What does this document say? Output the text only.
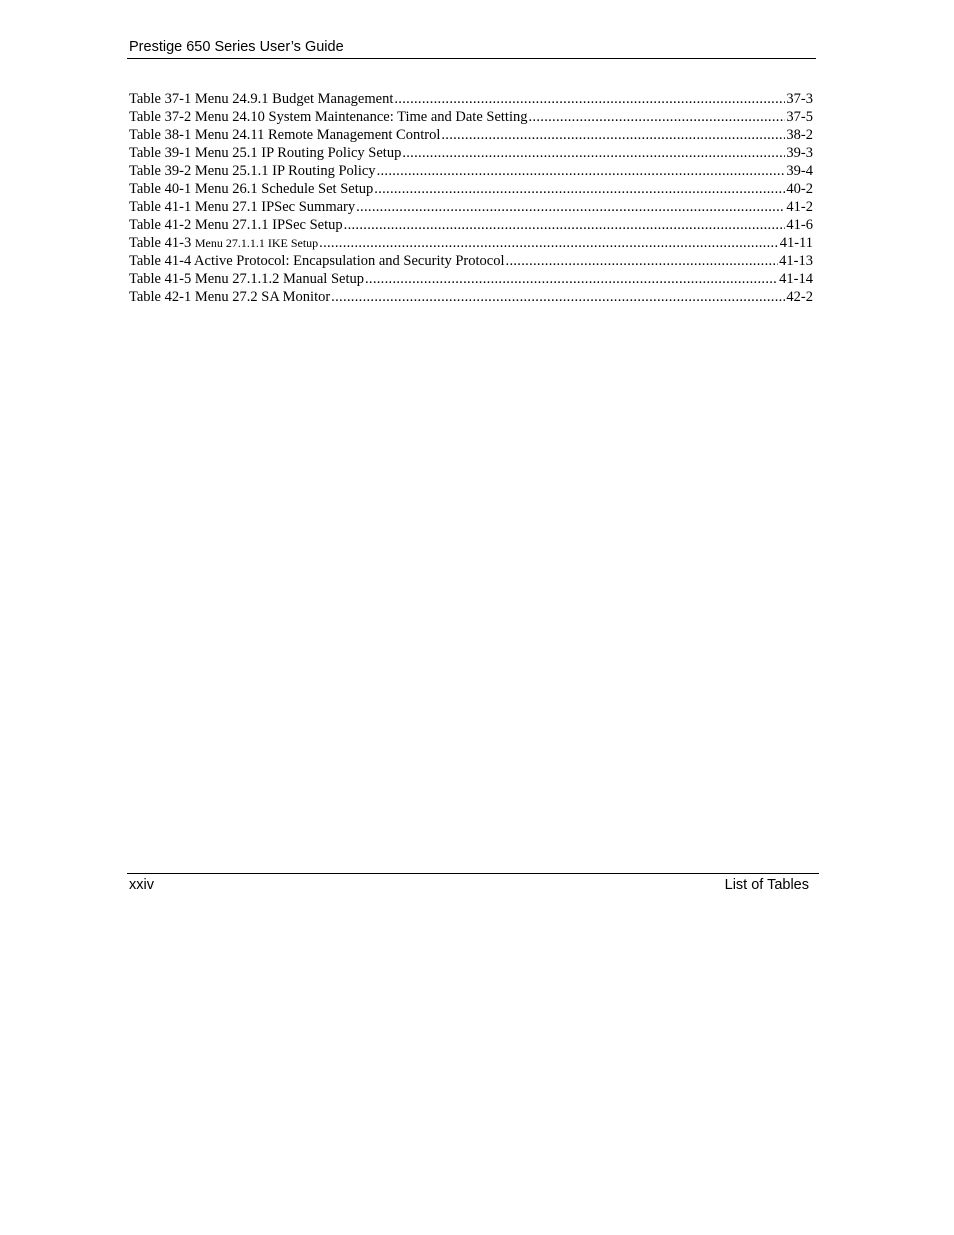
Prestige 650 Series User’s Guide
Table 37-1 Menu 24.9.1 Budget Management .....	37-3
Table 37-2 Menu 24.10 System Maintenance: Time and Date Setting .....	37-5
Table 38-1 Menu 24.11 Remote Management Control .....	38-2
Table 39-1 Menu 25.1 IP Routing Policy Setup .....	39-3
Table 39-2 Menu 25.1.1 IP Routing Policy .....	39-4
Table 40-1 Menu 26.1 Schedule Set Setup .....	40-2
Table 41-1 Menu 27.1 IPSec Summary .....	41-2
Table 41-2 Menu 27.1.1 IPSec Setup .....	41-6
Table 41-3 Menu 27.1.1.1 IKE Setup .....	41-11
Table 41-4 Active Protocol: Encapsulation and Security Protocol .....	41-13
Table 41-5 Menu 27.1.1.2 Manual Setup .....	41-14
Table 42-1 Menu 27.2 SA Monitor .....	42-2
xxiv	List of Tables
